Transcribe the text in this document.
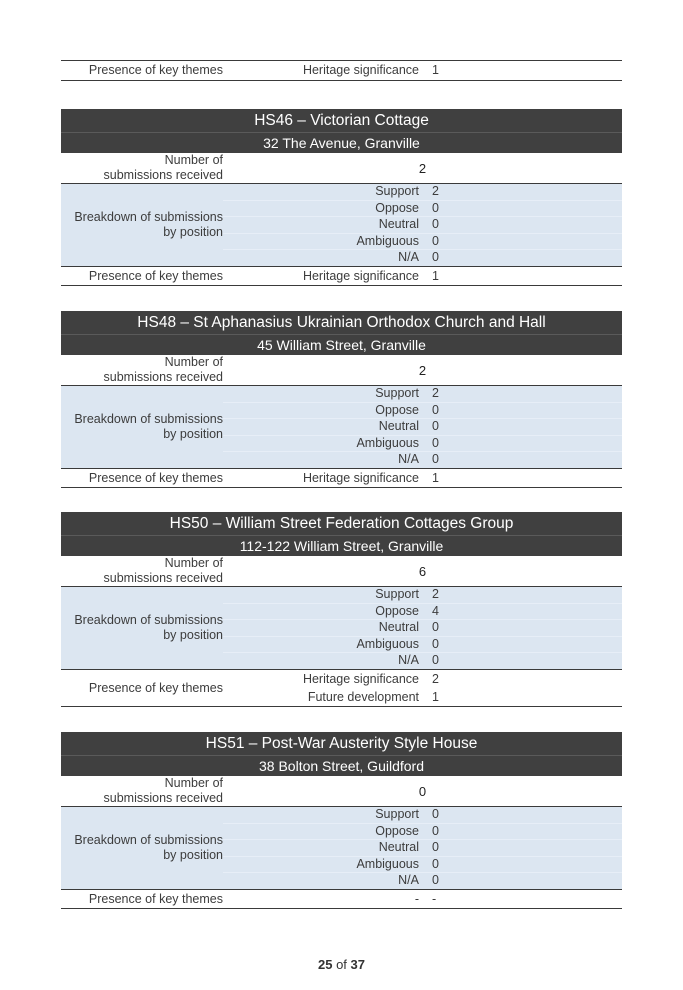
Presence of key themes	Heritage significance	1
HS46 – Victorian Cottage
32 The Avenue, Granville
Number of
submissions received	2
Breakdown of submissions
by position
Support	2
Oppose	0
Neutral	0
Ambiguous	0
N/A	0
Presence of key themes	Heritage significance	1
HS48 – St Aphanasius Ukrainian Orthodox Church and Hall
45 William Street, Granville
Number of
submissions received	2
Breakdown of submissions
by position
Support	2
Oppose	0
Neutral	0
Ambiguous	0
N/A	0
Presence of key themes	Heritage significance	1
HS50 – William Street Federation Cottages Group
112-122 William Street, Granville
Number of
submissions received	6
Breakdown of submissions
by position
Support	2
Oppose	4
Neutral	0
Ambiguous	0
N/A	0
Presence of key themes
Heritage significance	2
Future development	1
HS51 – Post-War Austerity Style House
38 Bolton Street, Guildford
Number of
submissions received	0
Breakdown of submissions
by position
Support	0
Oppose	0
Neutral	0
Ambiguous	0
N/A	0
Presence of key themes	-	-
25 of 37
